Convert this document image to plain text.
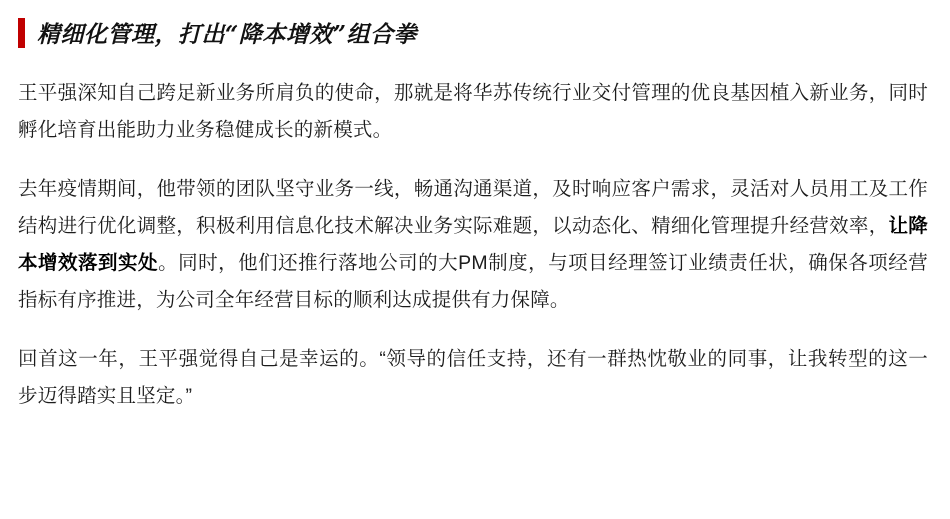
精细化管理，打出“降本增效”组合拳

王平强深知自己跨足新业务所肩负的使命，那就是将华苏传统行业交付管理的优良基因植入新业务，同时孵化培育出能助力业务稳健成长的新模式。

去年疫情期间，他带领的团队坚守业务一线，畅通沟通渠道，及时响应客户需求，灵活对人员用工及工作结构进行优化调整，积极利用信息化技术解决业务实际难题，以动态化、精细化管理提升经营效率，让降本增效落到实处。同时，他们还推行落地公司的大PM制度，与项目经理签订业绩责任状，确保各项经营指标有序推进，为公司全年经营目标的顺利达成提供有力保障。

回首这一年，王平强觉得自己是幸运的。“领导的信任支持，还有一群热忱敬业的同事，让我转型的这一步迈得踏实且坚定。”
